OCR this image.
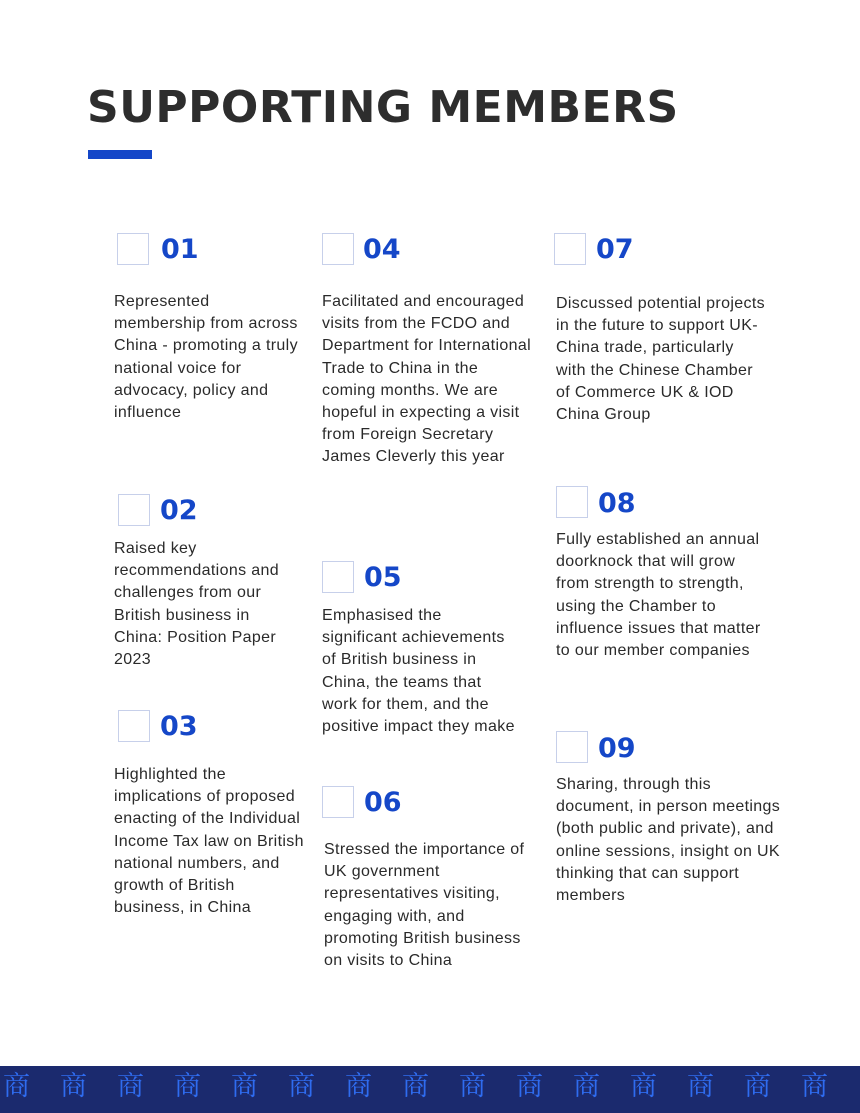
SUPPORTING MEMBERS
01

Represented membership from across China - promoting a truly national voice for advocacy, policy and influence

02

Raised key recommendations and challenges from our British business in China: Position Paper 2023

03

Highlighted the implications of proposed enacting of the Individual Income Tax law on British national numbers, and growth of British business, in China

04

Facilitated and encouraged visits from the FCDO and Department for International Trade to China in the coming months. We are hopeful in expecting a visit from Foreign Secretary James Cleverly this year

05

Emphasised the significant achievements of British business in China, the teams that work for them, and the positive impact they make

06

Stressed the importance of UK government representatives visiting, engaging with, and promoting British business on visits to China

07

Discussed potential projects in the future to support UK-China trade, particularly with the Chinese Chamber of Commerce UK & IOD China Group

08

Fully established an annual doorknock that will grow from strength to strength, using the Chamber to influence issues that matter to our member companies

09

Sharing, through this document, in person meetings (both public and private), and online sessions, insight on UK thinking that can support members

商 商 商 商 商 商 商 商 商 商 商 商 商 商 商
